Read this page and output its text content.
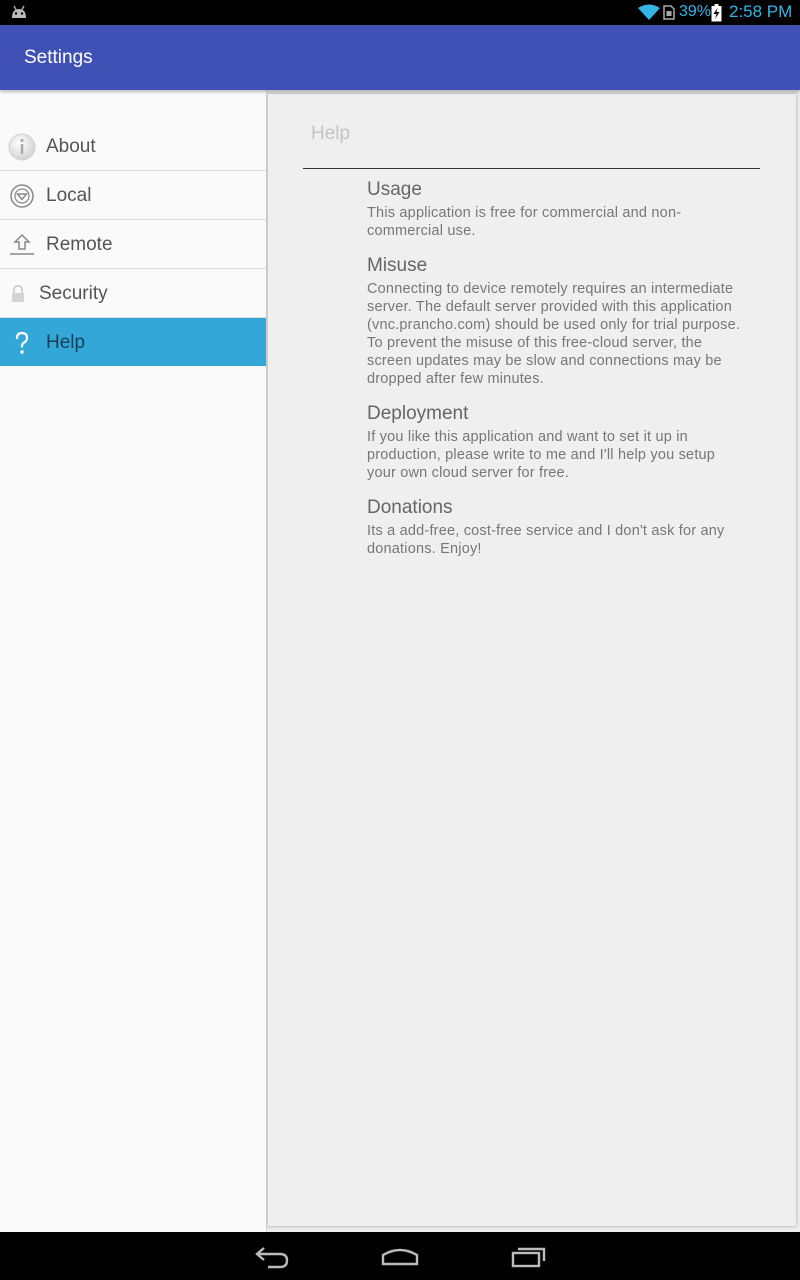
39% 2:58 PM
Settings
About
Local
Remote
Security
Help
Help
Usage

This application is free for commercial and non-commercial use.

Misuse

Connecting to device remotely requires an intermediate server. The default server provided with this application (vnc.prancho.com) should be used only for trial purpose.

To prevent the misuse of this free-cloud server, the screen updates may be slow and connections may be dropped after few minutes.

Deployment

If you like this application and want to set it up in production, please write to me and I'll help you setup your own cloud server for free.

Donations

Its a add-free, cost-free service and I don't ask for any donations. Enjoy!
